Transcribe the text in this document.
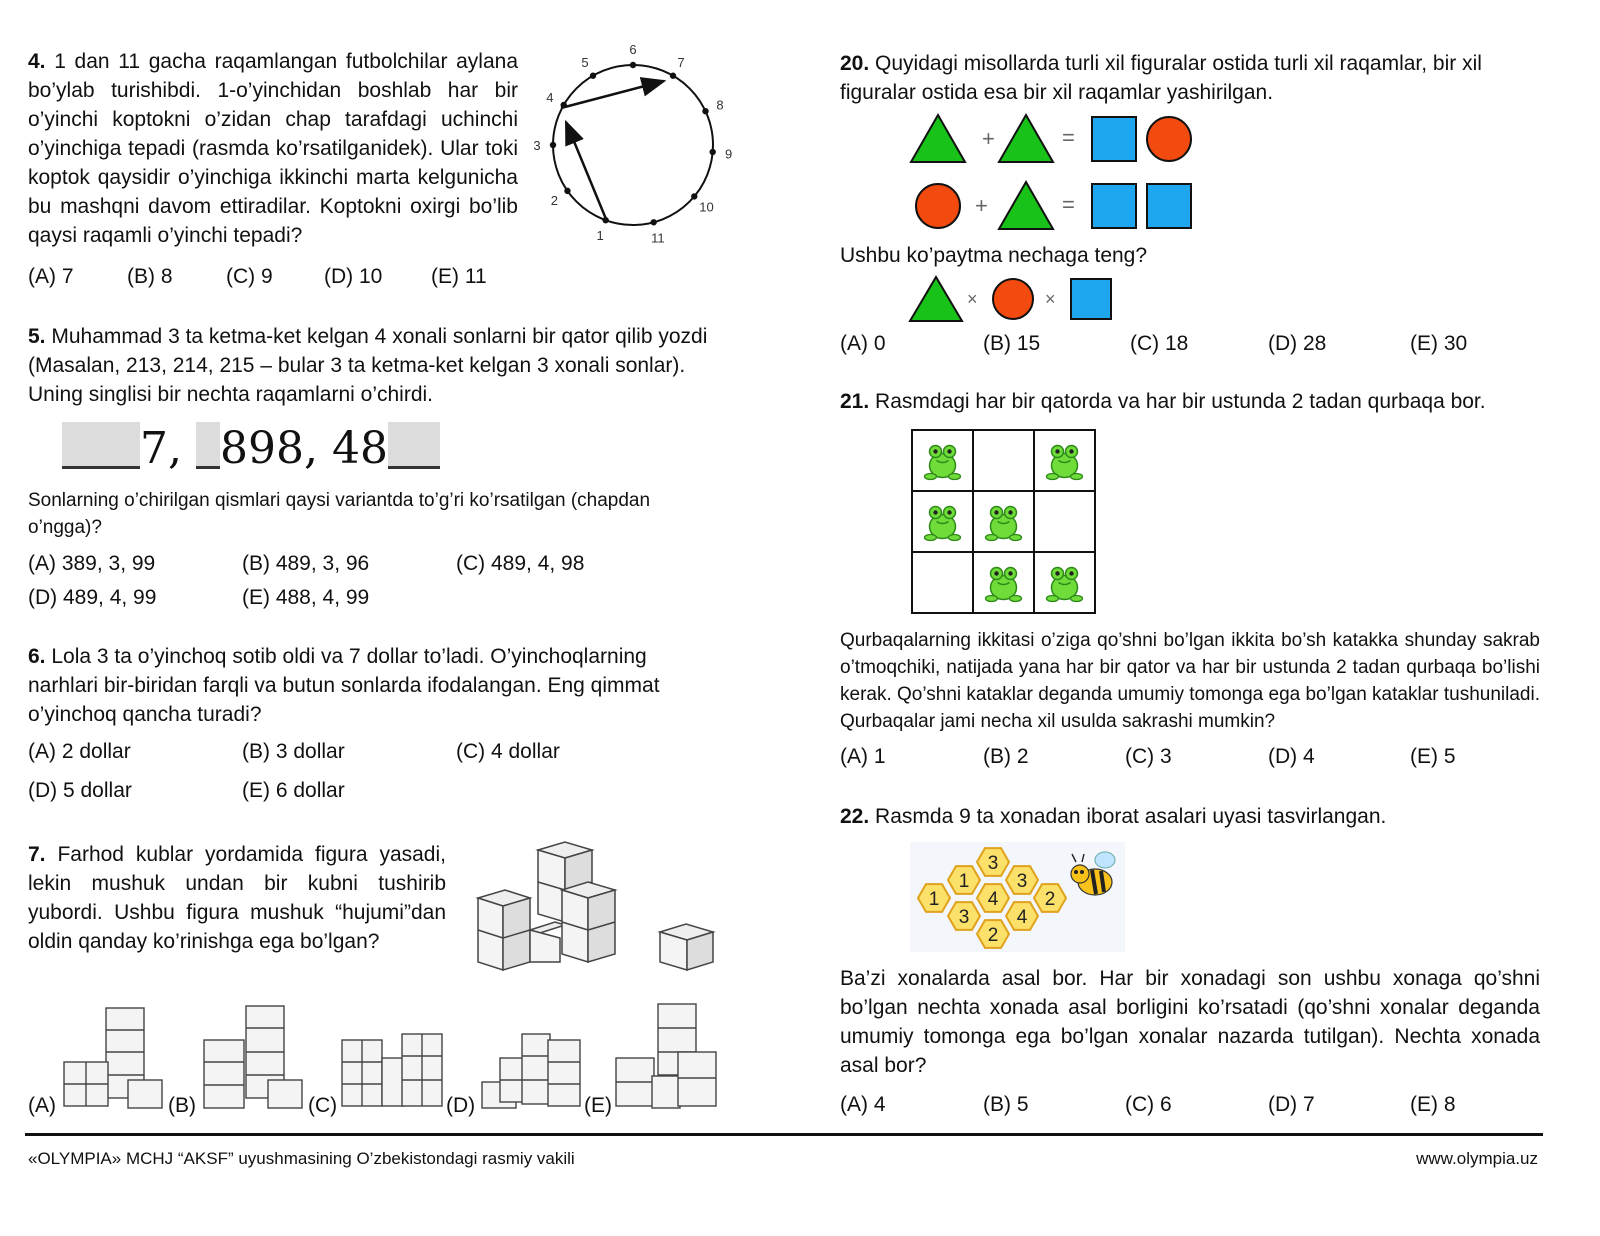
4. 1 dan 11 gacha raqamlangan futbolchilar aylana bo’ylab turishibdi. 1-o’yinchidan boshlab har bir o’yinchi koptokni o’zidan chap tarafdagi uchinchi o’yinchiga tepadi (rasmda ko’rsatilganidek). Ular toki koptok qaysidir o’yinchiga ikkinchi marta kelgunicha bu mashqni davom ettiradilar. Koptokni oxirgi bo’lib qaysi raqamli o’yinchi tepadi?	1
2
3
4
5
6
7
8
9
10
11
(A) 7	(B) 8	(C) 9 (D) 10 (E) 11
5. Muhammad 3 ta ketma-ket kelgan 4 xonali sonlarni bir qator qilib yozdi (Masalan, 213, 214, 215 – bular 3 ta ketma-ket kelgan 3 xonali sonlar). Uning singlisi bir nechta raqamlarni o’chirdi.
7, 898, 48
Sonlarning o’chirilgan qismlari qaysi variantda to’g’ri ko’rsatilgan (chapdan o’ngga)?
(A) 389, 3, 99	(B) 489, 3, 96	(C) 489, 4, 98
(D) 489, 4, 99	(E) 488, 4, 99
6. Lola 3 ta o’yinchoq sotib oldi va 7 dollar to’ladi. O’yinchoqlarning narhlari bir-biridan farqli va butun sonlarda ifodalangan. Eng qimmat o’yinchoq qancha turadi?
(A) 2 dollar	(B) 3 dollar	(C) 4 dollar
(D) 5 dollar	(E) 6 dollar
7. Farhod kublar yordamida figura yasadi, lekin mushuk undan bir kubni tushirib yubordi. Ushbu figura mushuk “hujumi”dan oldin qanday ko’rinishga ega bo’lgan?
(A)	(B)	(C)	(D)	(E)
20. Quyidagi misollarda turli xil figuralar ostida turli xil raqamlar, bir xil figuralar ostida esa bir xil raqamlar yashirilgan.
+	=
+	=
Ushbu ko’paytma nechaga teng?
×	×
(A) 0	(B) 15	(C) 18	(D) 28	(E) 30
21. Rasmdagi har bir qatorda va har bir ustunda 2 tadan qurbaqa bor.
Qurbaqalarning ikkitasi o’ziga qo’shni bo’lgan ikkita bo’sh katakka shunday sakrab o’tmoqchiki, natijada yana har bir qator va har bir ustunda 2 tadan qurbaqa bo’lishi kerak. Qo’shni kataklar deganda umumiy tomonga ega bo’lgan kataklar tushuniladi. Qurbaqalar jami necha xil usulda sakrashi mumkin?
(A) 1	(B) 2	(C) 3	(D) 4	(E) 5
22. Rasmda 9 ta xonadan iborat asalari uyasi tasvirlangan.
3
1 3
1	4 2
3 4
2
Ba’zi xonalarda asal bor. Har bir xonadagi son ushbu xonaga qo’shni bo’lgan nechta xonada asal borligini ko’rsatadi (qo’shni xonalar deganda umumiy tomonga ega bo’lgan xonalar nazarda tutilgan). Nechta xonada asal bor?
(A) 4	(B) 5	(C) 6	(D) 7	(E) 8
«OLYMPIA» MCHJ “AKSF” uyushmasining O’zbekistondagi rasmiy vakili	www.olympia.uz
